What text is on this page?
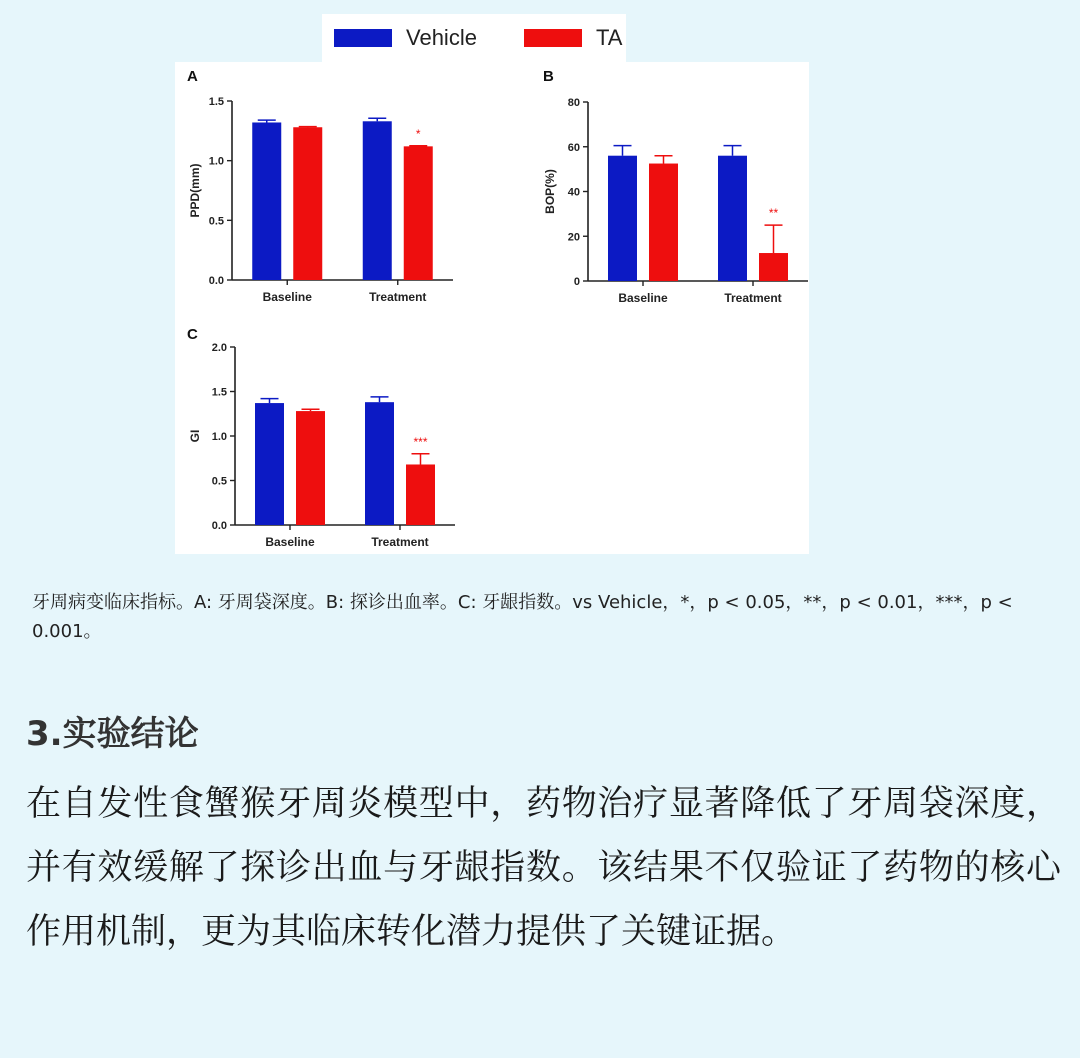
Vehicle	TA
A	B
C
0.0
0.5
1.0
1.5
PPD(mm)
Baseline	Treatment
*
0
20
40
60
80
BOP(%)
Baseline	Treatment
**
0.0
0.5
1.0
1.5
2.0
GI
Baseline	Treatment
***
牙周病变临床指标。A: 牙周袋深度。B: 探诊出血率。C: 牙龈指数。vs Vehicle，*，p < 0.05，**，p < 0.01，***，p < 0.001。
3.实验结论
在自发性食蟹猴牙周炎模型中，药物治疗显著降低了牙周袋深度，并有效缓解了探诊出血与牙龈指数。该结果不仅验证了药物的核心作用机制，更为其临床转化潜力提供了关键证据。
